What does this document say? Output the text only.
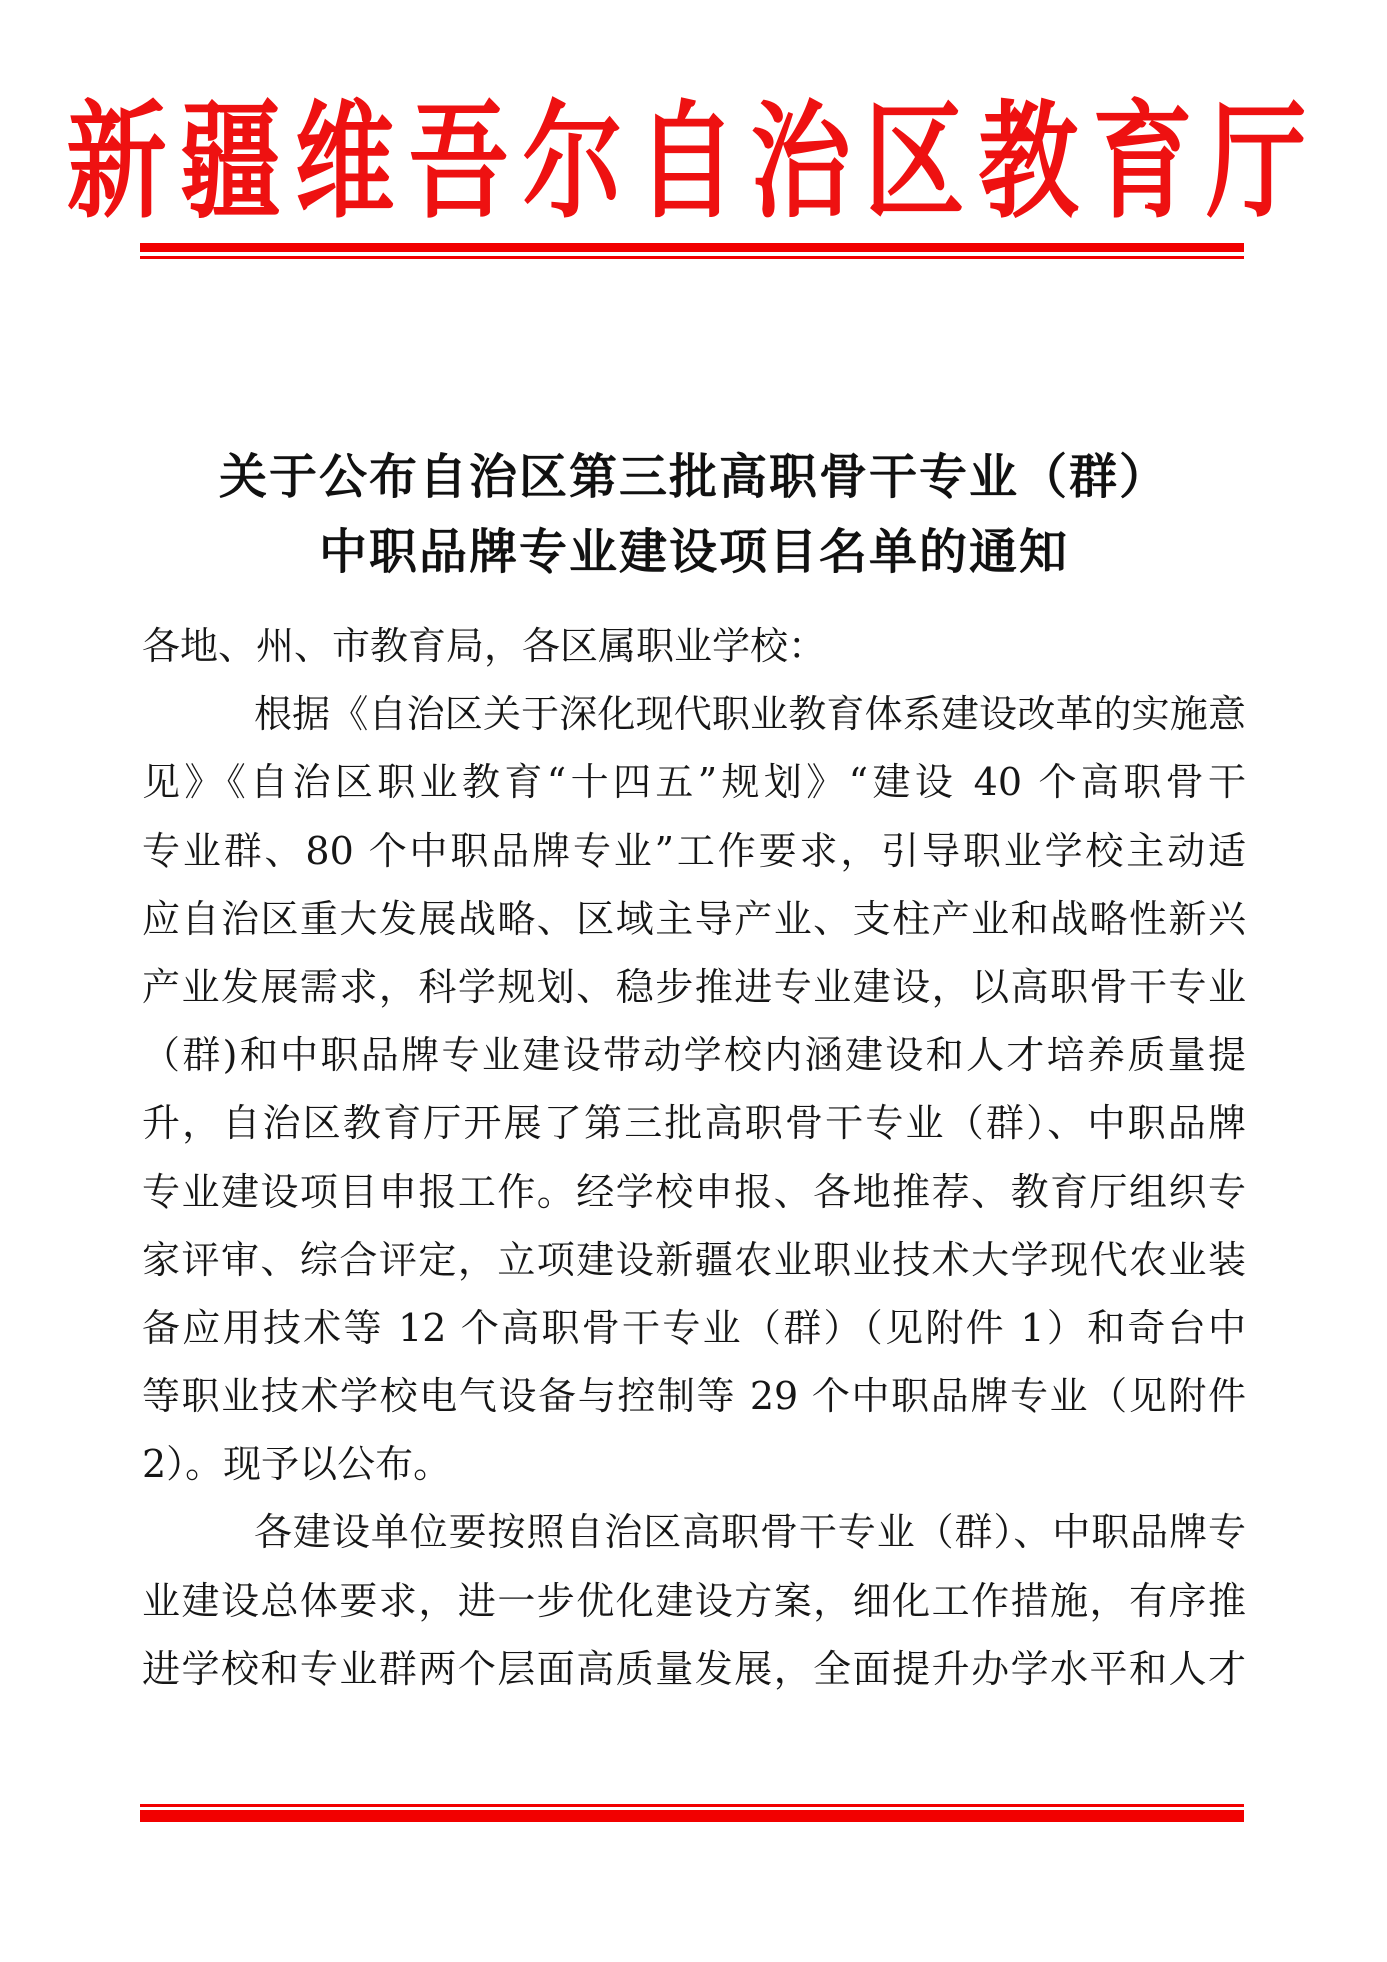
新疆维吾尔自治区教育厅
关于公布自治区第三批高职骨干专业（群）
中职品牌专业建设项目名单的通知
各地、州、市教育局，各区属职业学校：
根据《自治区关于深化现代职业教育体系建设改革的实施意
见》《自治区职业教育“十四五”规划》“建设 40 个高职骨干
专业群、80 个中职品牌专业”工作要求，引导职业学校主动适
应自治区重大发展战略、区域主导产业、支柱产业和战略性新兴
产业发展需求，科学规划、稳步推进专业建设，以高职骨干专业
（群)和中职品牌专业建设带动学校内涵建设和人才培养质量提
升，自治区教育厅开展了第三批高职骨干专业（群）、中职品牌
专业建设项目申报工作。经学校申报、各地推荐、教育厅组织专
家评审、综合评定，立项建设新疆农业职业技术大学现代农业装
备应用技术等 12 个高职骨干专业（群）（见附件 1）和奇台中
等职业技术学校电气设备与控制等 29 个中职品牌专业（见附件
2）。现予以公布。
各建设单位要按照自治区高职骨干专业（群）、中职品牌专
业建设总体要求，进一步优化建设方案，细化工作措施，有序推
进学校和专业群两个层面高质量发展，全面提升办学水平和人才
